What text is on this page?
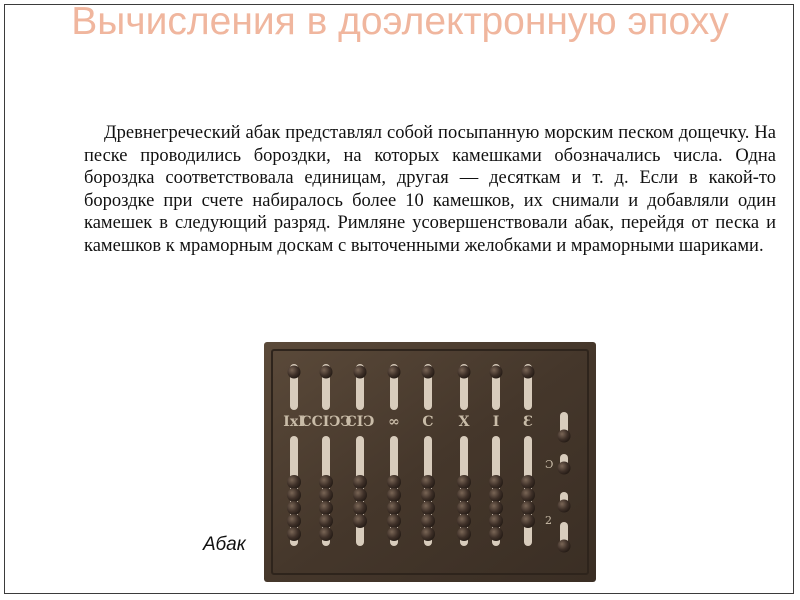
Вычисления в доэлектронную эпоху

Древнегреческий абак представлял собой посыпанную морским песком дощечку. На песке проводились бороздки, на которых камешками обозначались числа. Одна бороздка соответствовала единицам, другая — десяткам и т. д. Если в какой-то бороздке при счете набиралось более 10 камешков, их снимали и добавляли один камешек в следующий разряд. Римляне усовершенствовали абак, перейдя от песка и камешков к мраморным доскам с выточенными желобками и мраморными шариками.

IxI
CCIↃↃ
CIↃ ∞ C X I Ɛ
Ɔ
2
Абак
